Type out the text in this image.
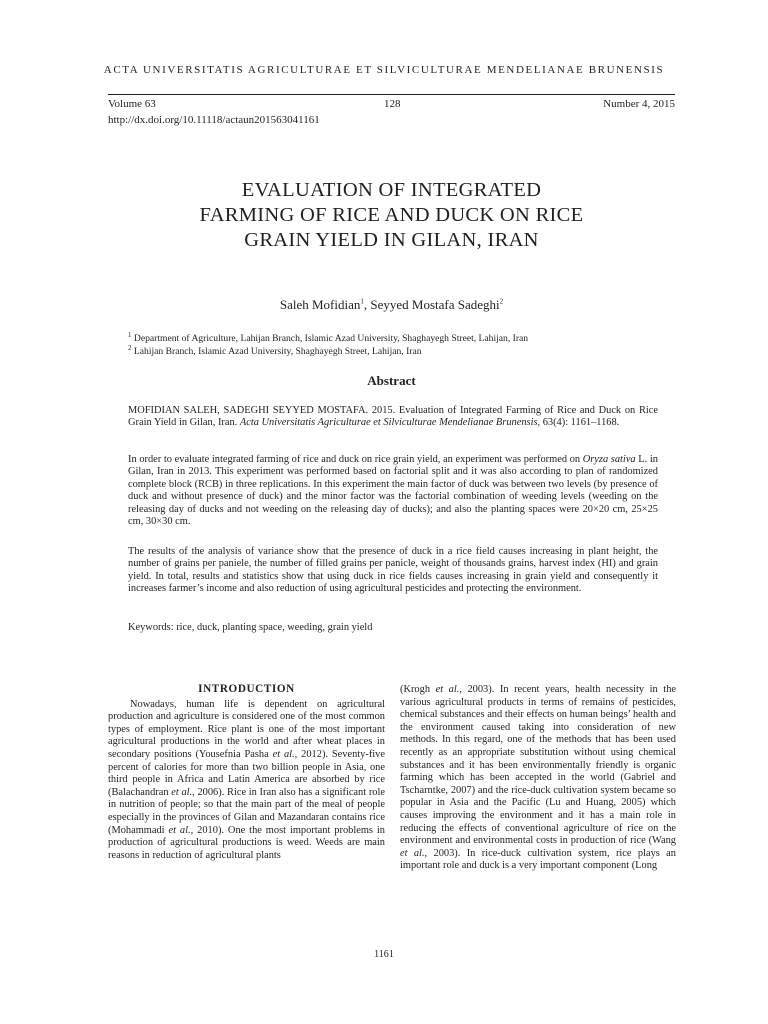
ACTA UNIVERSITATIS AGRICULTURAE ET SILVICULTURAE MENDELIANAE BRUNENSIS
Volume 63	128	Number 4, 2015
http://dx.doi.org/10.11118/actaun201563041161
EVALUATION OF INTEGRATED
FARMING OF RICE AND DUCK ON RICE
GRAIN YIELD IN GILAN, IRAN
Saleh Mofidian$^1$, Seyyed Mostafa Sadeghi$^2$
$^1$ Department of Agriculture, Lahijan Branch, Islamic Azad University, Shaghayegh Street, Lahijan, Iran
$^2$ Lahijan Branch, Islamic Azad University, Shaghayegh Street, Lahijan, Iran
Abstract

MOFIDIAN SALEH, SADEGHI SEYYED MOSTAFA. 2015. Evaluation of Integrated Farming of Rice and Duck on Rice Grain Yield in Gilan, Iran. Acta Universitatis Agriculturae et Silviculturae Mendelianae Brunensis, 63(4): 1161–1168.

In order to evaluate integrated farming of rice and duck on rice grain yield, an experiment was performed on Oryza sativa L. in Gilan, Iran in 2013. This experiment was performed based on factorial split and it was also according to plan of randomized complete block (RCB) in three replications. In this experiment the main factor of duck was between two levels (by presence of duck and without presence of duck) and the minor factor was the factorial combination of weeding levels (weeding on the releasing day of ducks and not weeding on the releasing day of ducks); and also the planting spaces were 20×20 cm, 25×25 cm, 30×30 cm.

The results of the analysis of variance show that the presence of duck in a rice field causes increasing in plant height, the number of grains per paniele, the number of filled grains per panicle, weight of thousands grains, harvest index (HI) and grain yield. In total, results and statistics show that using duck in rice fields causes increasing in grain yield and consequently it increases farmer’s income and also reduction of using agricultural pesticides and protecting the environment.

Keywords: rice, duck, planting space, weeding, grain yield

INTRODUCTION

Nowadays, human life is dependent on agricultural production and agriculture is considered one of the most common types of employment. Rice plant is one of the most important agricultural productions in the world and after wheat places in secondary positions (Yousefnia Pasha et al., 2012). Seventy-five percent of calories for more than two billion people in Asia, one third people in Africa and Latin America are absorbed by rice (Balachandran et al., 2006). Rice in Iran also has a significant role in nutrition of people; so that the main part of the meal of people especially in the provinces of Gilan and Mazandaran contains rice (Mohammadi et al., 2010). One the most important problems in production of agricultural productions is weed. Weeds are main reasons in reduction of agricultural plants

(Krogh et al., 2003). In recent years, health necessity in the various agricultural products in terms of remains of pesticides, chemical substances and their effects on human beings’ health and the environment caused taking into consideration of new methods. In this regard, one of the methods that has been used recently as an appropriate substitution without using chemical substances and it has been environmentally friendly is organic farming which has been accepted in the world (Gabriel and Tscharntke, 2007) and the rice-duck cultivation system became so popular in Asia and the Pacific (Lu and Huang, 2005) which causes improving the environment and it has a main role in reducing the effects of conventional agriculture of rice on the environment and environmental costs in production of rice (Wang et al., 2003). In rice-duck cultivation system, rice plays an important role and duck is a very important component (Long

1161
